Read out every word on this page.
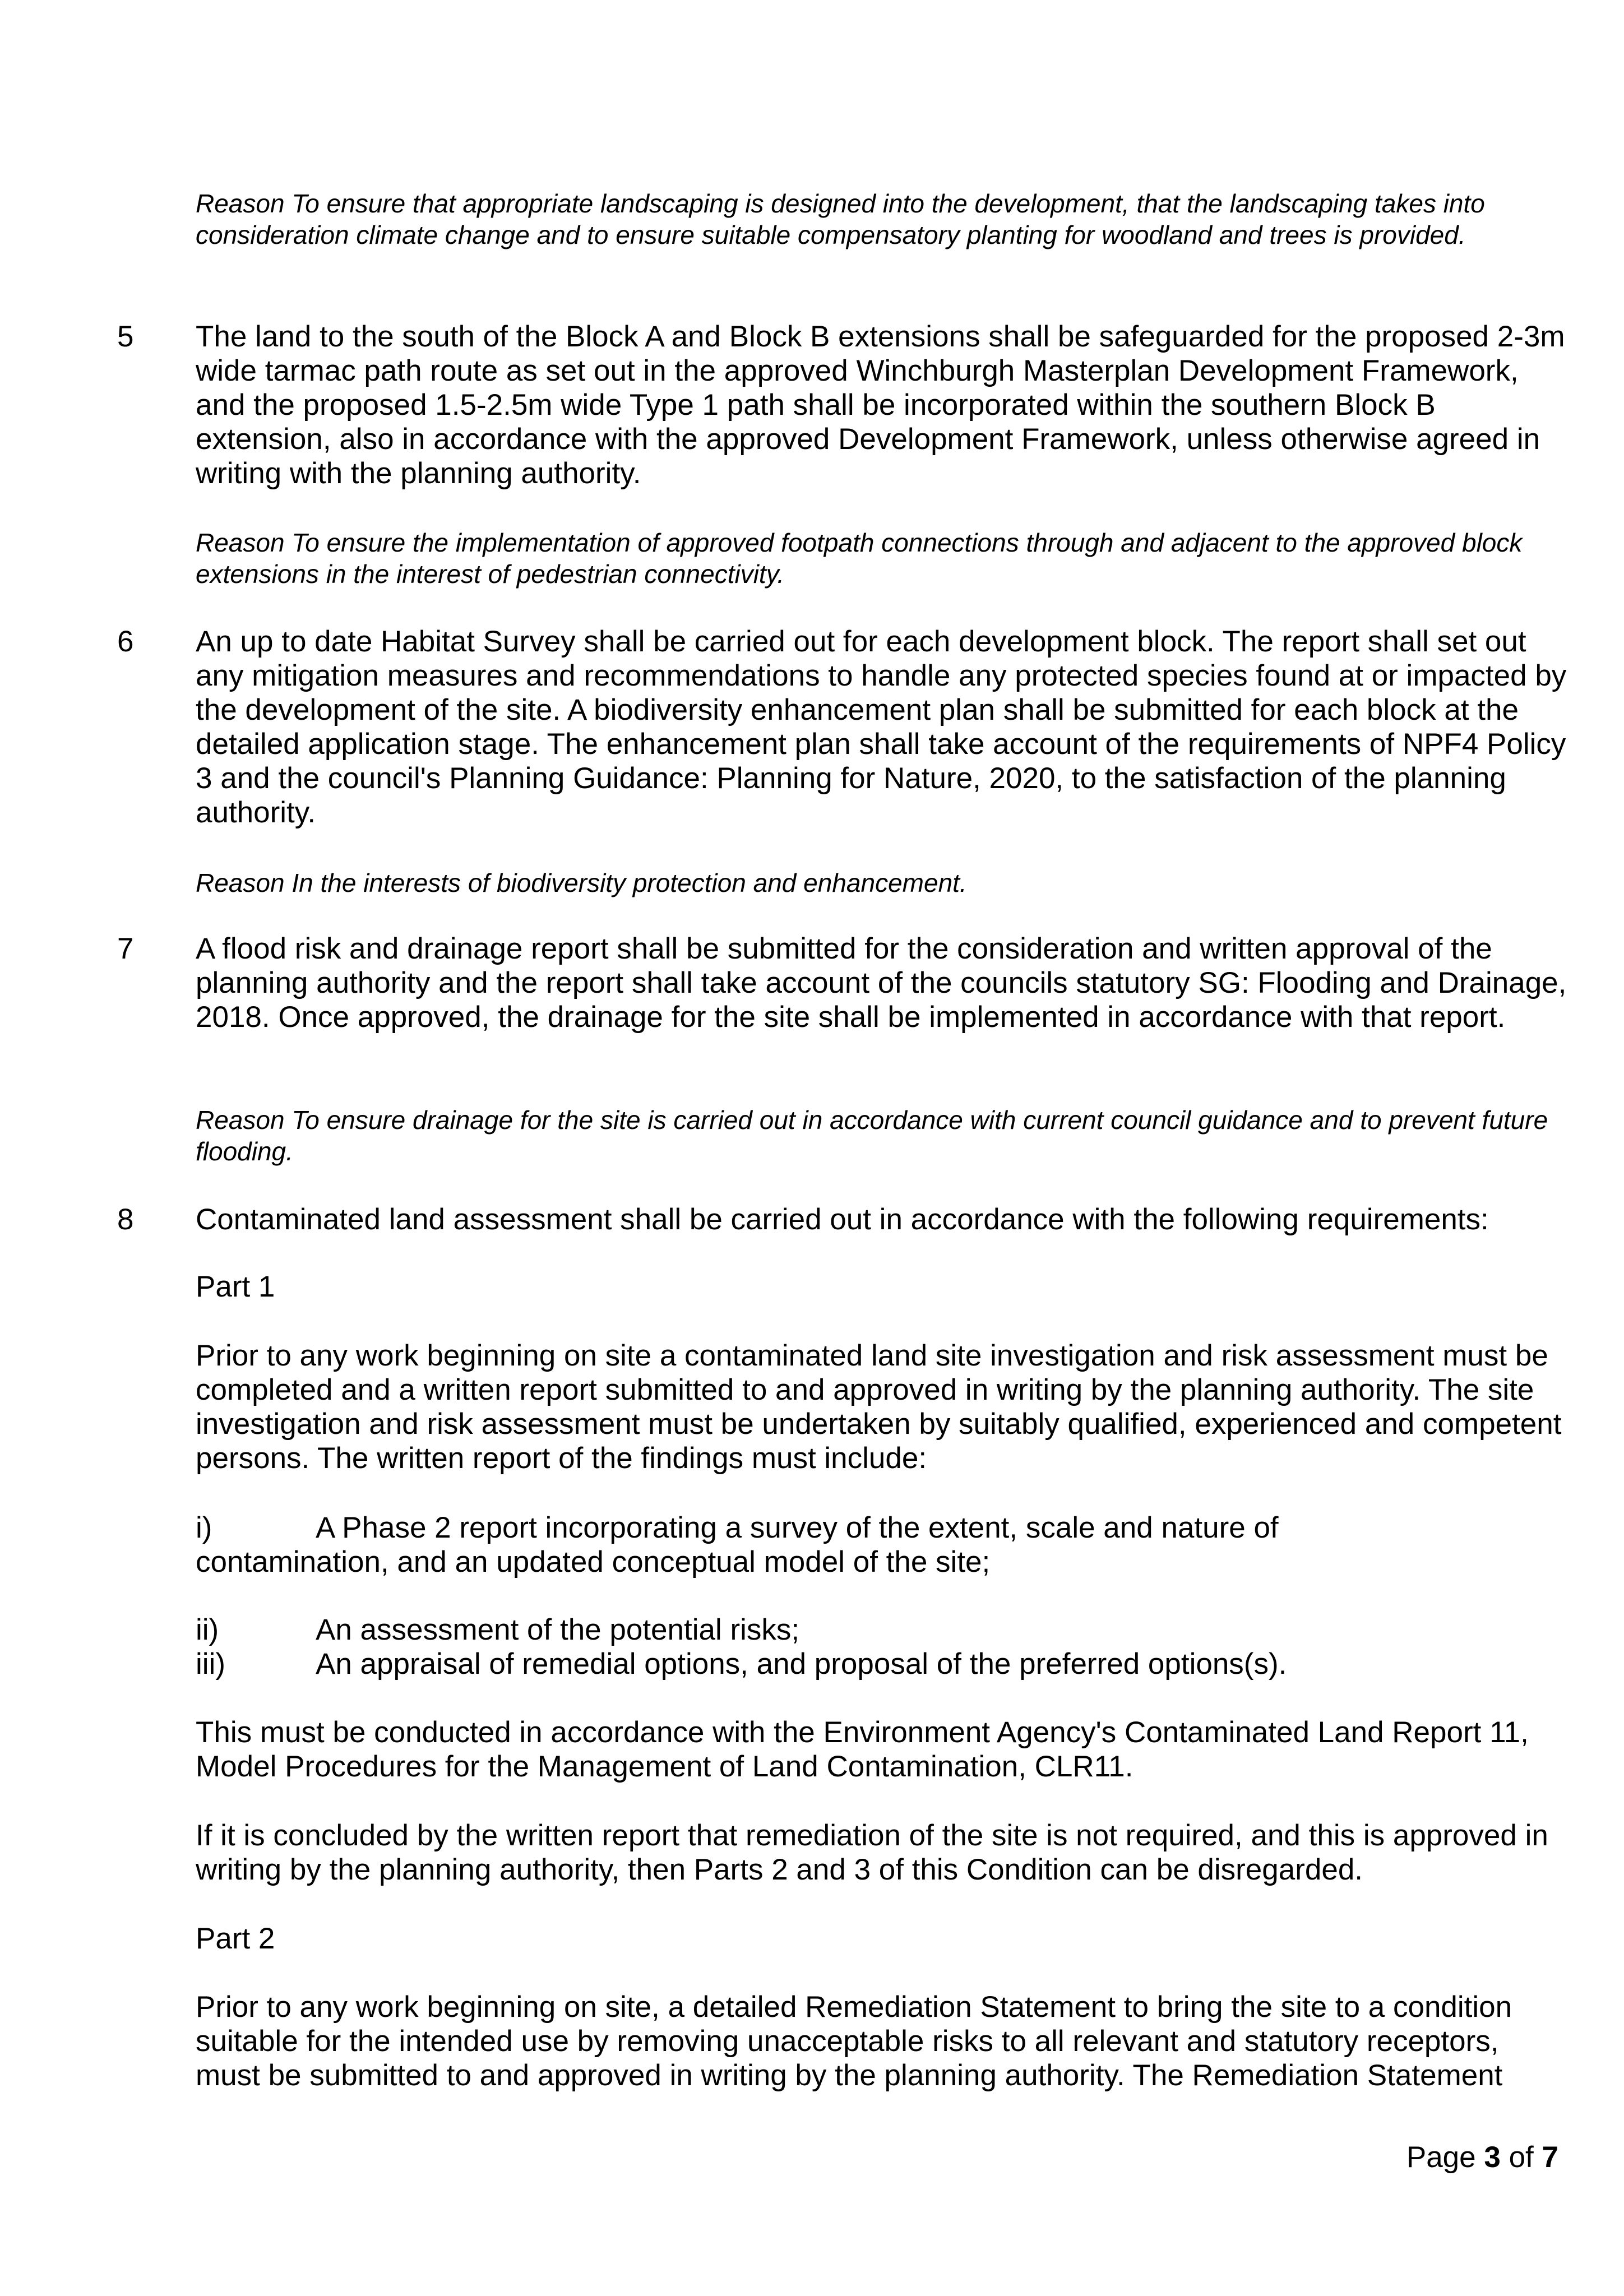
Reason To ensure that appropriate landscaping is designed into the development, that the landscaping takes into consideration climate change and to ensure suitable compensatory planting for woodland and trees is provided.

5 The land to the south of the Block A and Block B extensions shall be safeguarded for the proposed 2-3m wide tarmac path route as set out in the approved Winchburgh Masterplan Development Framework, and the proposed 1.5-2.5m wide Type 1 path shall be incorporated within the southern Block B extension, also in accordance with the approved Development Framework, unless otherwise agreed in writing with the planning authority.

Reason To ensure the implementation of approved footpath connections through and adjacent to the approved block extensions in the interest of pedestrian connectivity.

6 An up to date Habitat Survey shall be carried out for each development block. The report shall set out any mitigation measures and recommendations to handle any protected species found at or impacted by the development of the site. A biodiversity enhancement plan shall be submitted for each block at the detailed application stage. The enhancement plan shall take account of the requirements of NPF4 Policy 3 and the council's Planning Guidance: Planning for Nature, 2020, to the satisfaction of the planning authority.

Reason In the interests of biodiversity protection and enhancement.

7 A flood risk and drainage report shall be submitted for the consideration and written approval of the planning authority and the report shall take account of the councils statutory SG: Flooding and Drainage, 2018. Once approved, the drainage for the site shall be implemented in accordance with that report.

Reason To ensure drainage for the site is carried out in accordance with current council guidance and to prevent future flooding.

8 Contaminated land assessment shall be carried out in accordance with the following requirements:

Part 1

Prior to any work beginning on site a contaminated land site investigation and risk assessment must be completed and a written report submitted to and approved in writing by the planning authority. The site investigation and risk assessment must be undertaken by suitably qualified, experienced and competent persons. The written report of the findings must include:

i)	A Phase 2 report incorporating a survey of the extent, scale and nature of

contamination, and an updated conceptual model of the site;

ii)	An assessment of the potential risks;

iii)	An appraisal of remedial options, and proposal of the preferred options(s).

This must be conducted in accordance with the Environment Agency's Contaminated Land Report 11, Model Procedures for the Management of Land Contamination, CLR11.

If it is concluded by the written report that remediation of the site is not required, and this is approved in writing by the planning authority, then Parts 2 and 3 of this Condition can be disregarded.

Part 2

Prior to any work beginning on site, a detailed Remediation Statement to bring the site to a condition suitable for the intended use by removing unacceptable risks to all relevant and statutory receptors, must be submitted to and approved in writing by the planning authority. The Remediation Statement

Page 3 of 7
